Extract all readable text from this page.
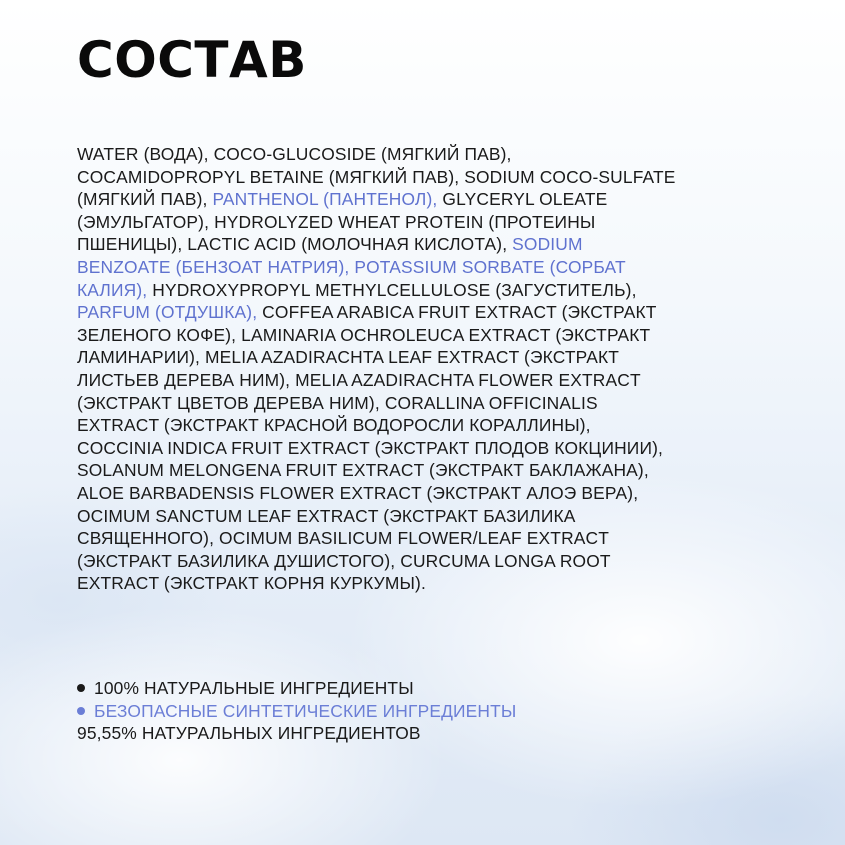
СОСТАВ

WATER (ВОДА), COCO-GLUCOSIDE (МЯГКИЙ ПАВ), COCAMIDOPROPYL BETAINE (МЯГКИЙ ПАВ), SODIUM COCO-SULFATE (МЯГКИЙ ПАВ), PANTHENOL (ПАНТЕНОЛ), GLYCERYL OLEATE (ЭМУЛЬГАТОР), HYDROLYZED WHEAT PROTEIN (ПРОТЕИНЫ ПШЕНИЦЫ), LACTIC ACID (МОЛОЧНАЯ КИСЛОТА), SODIUM BENZOATE (БЕНЗОАТ НАТРИЯ), POTASSIUM SORBATE (СОРБАТ КАЛИЯ), HYDROXYPROPYL METHYLCELLULOSE (ЗАГУСТИТЕЛЬ), PARFUM (ОТДУШКА), COFFEA ARABICA FRUIT EXTRACT (ЭКСТРАКТ ЗЕЛЕНОГО КОФЕ), LAMINARIA OCHROLEUCA EXTRACT (ЭКСТРАКТ ЛАМИНАРИИ), MELIA AZADIRACHTA LEAF EXTRACT (ЭКСТРАКТ ЛИСТЬЕВ ДЕРЕВА НИМ), MELIA AZADIRACHTA FLOWER EXTRACT (ЭКСТРАКТ ЦВЕТОВ ДЕРЕВА НИМ), CORALLINA OFFICINALIS EXTRACT (ЭКСТРАКТ КРАСНОЙ ВОДОРОСЛИ КОРАЛЛИНЫ), COCCINIA INDICA FRUIT EXTRACT (ЭКСТРАКТ ПЛОДОВ КОКЦИНИИ), SOLANUM MELONGENA FRUIT EXTRACT (ЭКСТРАКТ БАКЛАЖАНА), ALOE BARBADENSIS FLOWER EXTRACT (ЭКСТРАКТ АЛОЭ ВЕРА), OCIMUM SANCTUM LEAF EXTRACT (ЭКСТРАКТ БАЗИЛИКА СВЯЩЕННОГО), OCIMUM BASILICUM FLOWER/LEAF EXTRACT (ЭКСТРАКТ БАЗИЛИКА ДУШИСТОГО), CURCUMA LONGA ROOT EXTRACT (ЭКСТРАКТ КОРНЯ КУРКУМЫ).

100% НАТУРАЛЬНЫЕ ИНГРЕДИЕНТЫ
БЕЗОПАСНЫЕ СИНТЕТИЧЕСКИЕ ИНГРЕДИЕНТЫ
95,55% НАТУРАЛЬНЫХ ИНГРЕДИЕНТОВ
